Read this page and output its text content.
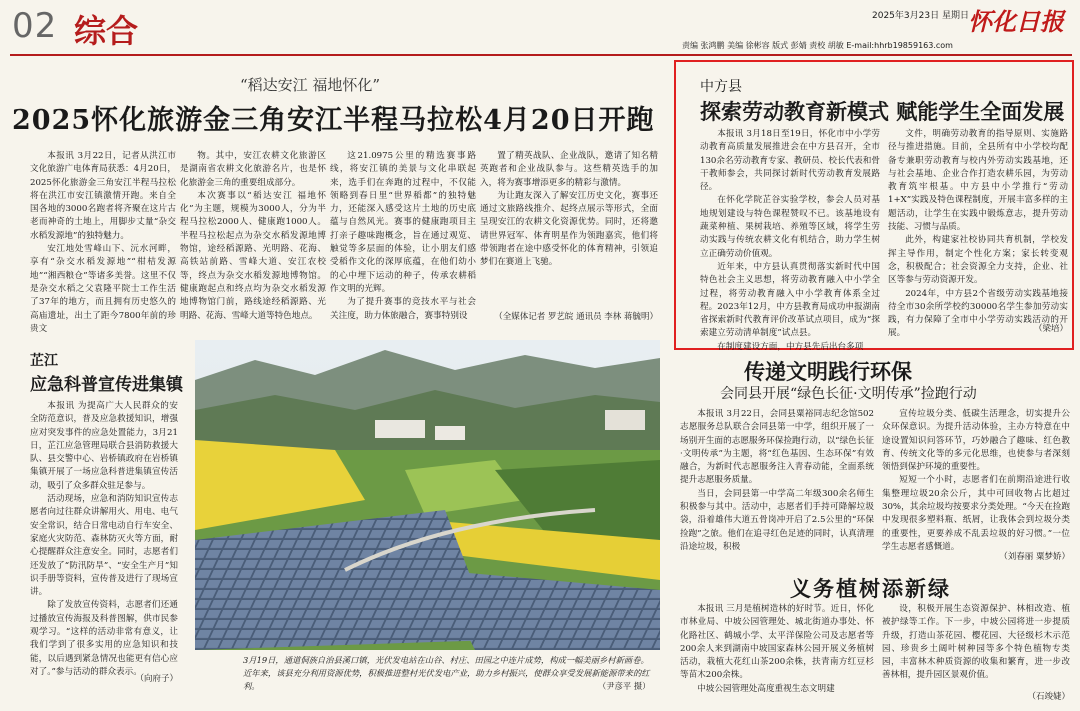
02 综合	2025年3月23日 星期日 怀化日报
责编 张鸿鹏 美编 徐彬容 版式 彭婧 责校 胡敏 E-mail:hhrb19859163.com
“稻达安江 福地怀化”
2025怀化旅游金三角安江半程马拉松4月20日开跑

本报讯 3月22日，记者从洪江市文化旅游广电体育局获悉：4月20日，2025怀化旅游金三角安江半程马拉松将在洪江市安江镇激情开跑。来自全国各地的3000名跑者将齐聚在这片古老而神奇的土地上，用脚步丈量“杂交水稻发源地”的独特魅力。

安江地处雪峰山下、沅水河畔，享有“杂交水稻发源地”“柑桔发源地”“湘西粮仓”等诸多美誉。这里不仅是杂交水稻之父袁隆平院士工作生活了37年的地方，而且拥有历史悠久的高庙遗址，出土了距今7800年前的珍贵文

物。其中，安江农耕文化旅游区是湖南省农耕文化旅游名片，也是怀化旅游金三角的重要组成部分。

本次赛事以“稻达安江 福地怀化”为主题，规模为3000人，分为半程马拉松2000人、健康跑1000人。半程马拉松起点为杂交水稻发源地博物馆，途经稻源路、光明路、花海、高铁站前路、雪峰大道、安江农校等，终点为杂交水稻发源地博物馆。健康跑起点和终点均为杂交水稻发源地博物馆门前，路线途经稻源路、光明路、花海、雪峰大道等特色地点。

这21.0975公里的精选赛事路线，将安江镇的美景与文化串联起来，选手们在奔跑的过程中，不仅能领略到春日里“世界稻都”的独特魅力，还能深入感受这片土地的历史底蕴与自然风光。赛事的健康跑项目主打亲子趣味跑概念，旨在通过观览、触觉等多层面的体验，让小朋友们感受稻作文化的深厚底蕴，在他们幼小的心中埋下运动的种子，传承农耕稻作文明的光辉。

为了提升赛事的竞技水平与社会关注度，助力体旅融合，赛事特别设

置了精英战队、企业战队，邀请了知名精英跑者和企业战队参与。这些精英选手的加入，将为赛事增添更多的精彩与激情。

为让跑友深入了解安江历史文化，赛事还通过文旅路线推介、起终点展示等形式，全面呈现安江的农耕文化资源优势。同时，还将邀请世界冠军、体育明星作为领跑嘉宾，他们将带领跑者在途中感受怀化的体育精神，引领追梦们在赛道上飞驰。

（全媒体记者 罗艺皖 通讯员 李林 蒋毓明）
芷江
应急科普宣传进集镇

本报讯 为提高广大人民群众的安全防范意识，普及应急救援知识，增强应对突发事件的应急处置能力，3月21日，芷江应急管理局联合县消防救援大队、县交警中心、岩桥镇政府在岩桥镇集镇开展了一场应急科普进集镇宣传活动，吸引了众多群众驻足参与。

活动现场，应急和消防知识宣传志愿者向过往群众讲解用火、用电、电气安全常识，结合日常电动自行车安全、家庭火灾防范、森林防灭火等方面，耐心提醒群众注意安全。同时，志愿者们还发放了“防汛防旱”、“安全生产月”知识手册等资料，宣传普及进行了现场宣讲。

除了发放宣传资料，志愿者们还通过播放宣传海报及科普图解，供市民参观学习。“这样的活动非常有意义，让我们学到了很多实用的应急知识和技能，以后遇到紧急情况也能更有信心应对了。”参与活动的群众表示。

（向府子）
3月19日，通道侗族自治县溪口镇，光伏发电站在山谷、村庄、田园之中连片成势，构成一幅美丽乡村新画卷。近年来，该县充分利用资源优势，积极推进整村光伏发电产业，助力乡村振兴，使群众享受发展新能源带来的红利。	（尹彦平 摄）
中方县
探索劳动教育新模式 赋能学生全面发展

本报讯 3月18日至19日，怀化市中小学劳动教育高质量发展推进会在中方县召开，全市130余名劳动教育专家、教研员、校长代表和骨干教师参会，共同探讨新时代劳动教育发展路径。

在怀化学院芷谷实验学校，参会人员对基地规划建设与特色课程赞叹不已。该基地设有蔬菜种植、果树栽培、养殖等区域，将学生劳动实践与传统农耕文化有机结合，助力学生树立正确劳动价值观。

近年来，中方县认真贯彻落实新时代中国特色社会主义思想，将劳动教育融入中小学全过程，将劳动教育融入中小学教育体系全过程。2023年12月，中方县教育局成功申报湖南省探索新时代教育评价改革试点项目，成为“探索建立劳动清单制度”试点县。

在制度建设方面，中方县先后出台多项

文件，明确劳动教育的指导原则、实施路径与推进措施。目前，全县所有中小学校均配备专兼职劳动教育与校内外劳动实践基地，还与社会基地、企业合作打造农耕乐园，为劳动教育筑牢根基。中方县中小学推行“劳动1+X”实践及特色课程制度，开展丰富多样的主题活动，让学生在实践中锻炼意志，提升劳动技能、习惯与品质。

此外，构建家社校协同共育机制，学校发挥主导作用，制定个性化方案；家长转变观念，积极配合；社会资源全力支持，企业、社区等参与劳动资源开发。

2024年，中方县2个省级劳动实践基地接待全市30余所学校约30000名学生参加劳动实践，有力保障了全市中小学劳动实践活动的开展。	（梁培）
传递文明践行环保
会同县开展“绿色长征·文明传承”捡跑行动

本报讯 3月22日，会同县粟裕同志纪念馆502志愿服务总队联合会同县第一中学，组织开展了一场别开生面的志愿服务环保捡跑行动，以“绿色长征·文明传承”为主题，将“红色基因、生态环保”有效融合，为新时代志愿服务注入青春动能，全面系统提升志愿服务质量。

当日，会同县第一中学高二年级300余名师生积极参与其中。活动中，志愿者们手持可降解垃圾袋，沿着雄伟大道五骨岗冲开启了2.5公里的“环保捡跑”之旅。他们在追寻红色足迹的同时，认真清理沿途垃圾，积极

宣传垃圾分类、低碳生活理念，切实提升公众环保意识。为提升活动体验，主办方特意在中途设置知识问答环节，巧妙融合了趣味、红色教育、传统文化等的多元化思维，也使参与者深刻领悟到保护环境的重要性。

短短一个小时，志愿者们在前期沿途进行收集整理垃圾20余公斤，其中可回收物占比超过30%，其余垃圾均按要求分类处理。“今天在捡跑中发现很多塑料瓶、纸屑，让我体会到垃圾分类的重要性，更要养成不乱丢垃圾的好习惯。”一位学生志愿者感慨道。

（刘春丽 粟梦娇）
义务植树添新绿

本报讯 三月是植树造林的好时节。近日，怀化市林业局、中坡公园管理处、城北街道办事处、怀化路社区、鹤城小学、太平洋保险公司及志愿者等200余人来到湖南中坡国家森林公园开展义务植树活动，栽植大花红山茶200余株，扶青南方红豆杉等苗木200余株。

中坡公园管理处高度重视生态文明建

设，积极开展生态资源保护、林相改造、植被护绿等工作。下一步，中坡公园将进一步提质升级，打造山茶花园、樱花园、大径级杉木示范园、珍贵乡土阔叶树种园等多个特色植物专类园，丰富林木种质资源的收集和繁育，进一步改善林相，提升园区景观价值。

（石竣婕）
